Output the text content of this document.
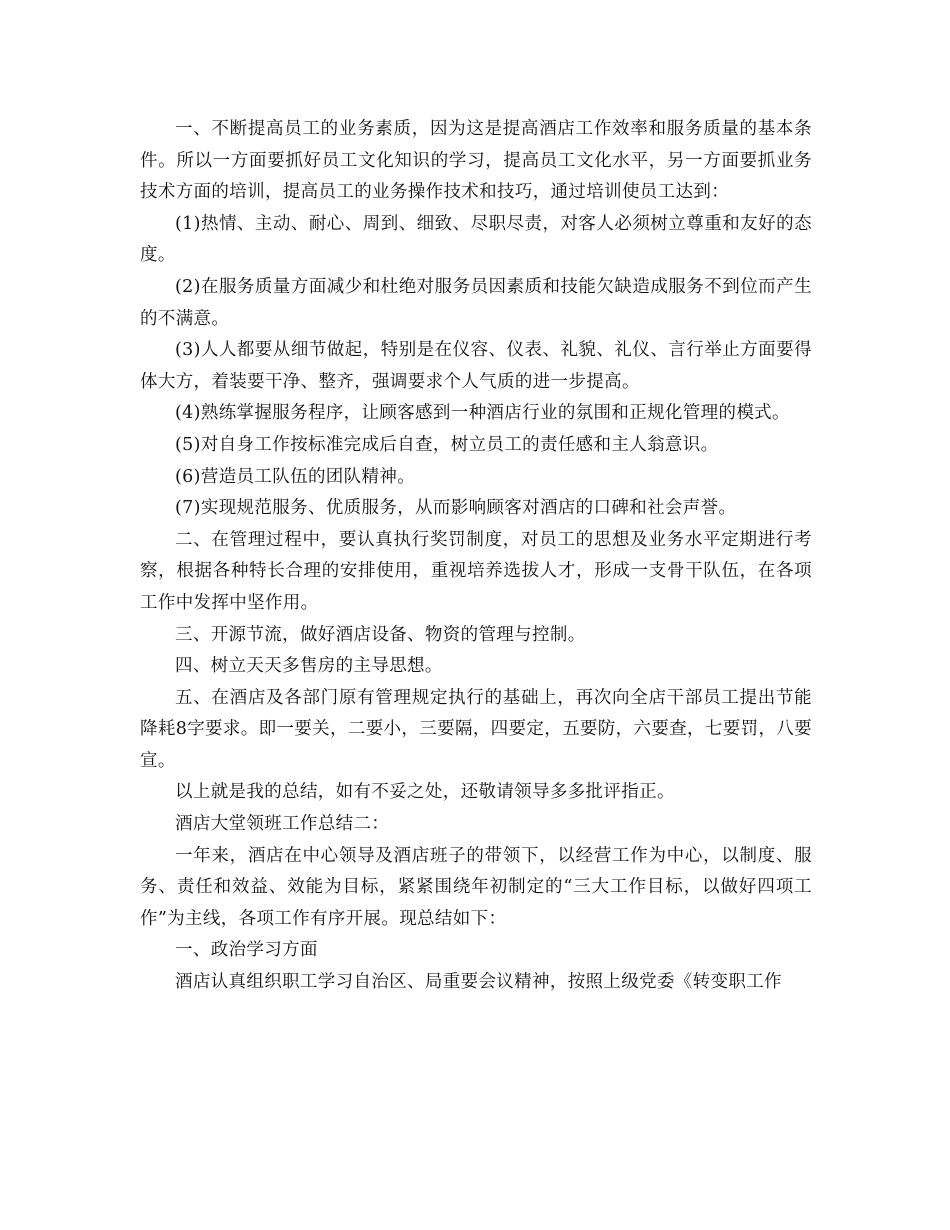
一、不断提高员工的业务素质，因为这是提高酒店工作效率和服务质量的基本条件。所以一方面要抓好员工文化知识的学习，提高员工文化水平，另一方面要抓业务技术方面的培训，提高员工的业务操作技术和技巧，通过培训使员工达到：

(1)热情、主动、耐心、周到、细致、尽职尽责，对客人必须树立尊重和友好的态度。

(2)在服务质量方面减少和杜绝对服务员因素质和技能欠缺造成服务不到位而产生的不满意。

(3)人人都要从细节做起，特别是在仪容、仪表、礼貌、礼仪、言行举止方面要得体大方，着装要干净、整齐，强调要求个人气质的进一步提高。

(4)熟练掌握服务程序，让顾客感到一种酒店行业的氛围和正规化管理的模式。

(5)对自身工作按标准完成后自查，树立员工的责任感和主人翁意识。

(6)营造员工队伍的团队精神。

(7)实现规范服务、优质服务，从而影响顾客对酒店的口碑和社会声誉。

二、在管理过程中，要认真执行奖罚制度，对员工的思想及业务水平定期进行考察，根据各种特长合理的安排使用，重视培养选拔人才，形成一支骨干队伍，在各项工作中发挥中坚作用。

三、开源节流，做好酒店设备、物资的管理与控制。

四、树立天天多售房的主导思想。

五、在酒店及各部门原有管理规定执行的基础上，再次向全店干部员工提出节能降耗8字要求。即一要关，二要小，三要隔，四要定，五要防，六要查，七要罚，八要宣。

以上就是我的总结，如有不妥之处，还敬请领导多多批评指正。

酒店大堂领班工作总结二：

一年来，酒店在中心领导及酒店班子的带领下，以经营工作为中心，以制度、服务、责任和效益、效能为目标，紧紧围绕年初制定的“三大工作目标，以做好四项工作”为主线，各项工作有序开展。现总结如下：

一、政治学习方面

酒店认真组织职工学习自治区、局重要会议精神，按照上级党委《转变职工作
